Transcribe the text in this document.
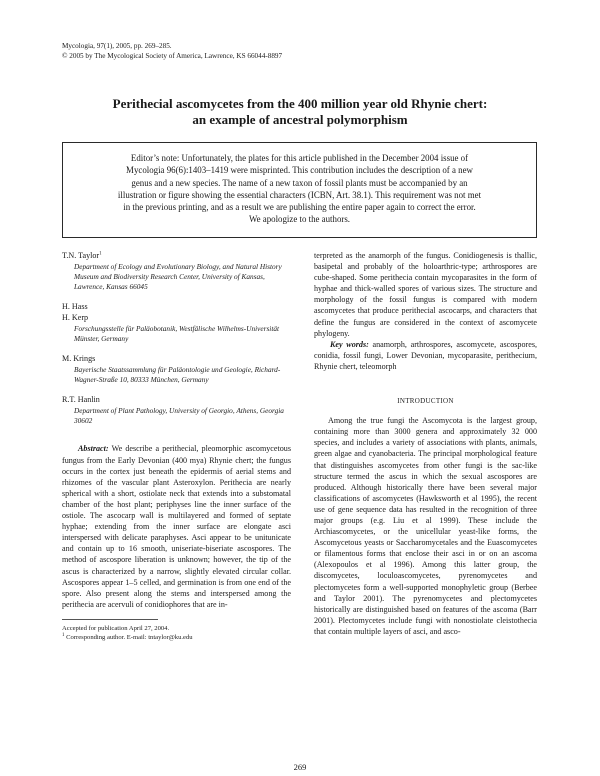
Mycologia, 97(1), 2005, pp. 269–285.
© 2005 by The Mycological Society of America, Lawrence, KS 66044-8897
Perithecial ascomycetes from the 400 million year old Rhynie chert:
an example of ancestral polymorphism
Editor’s note: Unfortunately, the plates for this article published in the December 2004 issue of Mycologia 96(6):1403–1419 were misprinted. This contribution includes the description of a new genus and a new species. The name of a new taxon of fossil plants must be accompanied by an illustration or figure showing the essential characters (ICBN, Art. 38.1). This requirement was not met in the previous printing, and as a result we are publishing the entire paper again to correct the error. We apologize to the authors.
T.N. Taylor$^1$
Department of Ecology and Evolutionary Biology, and Natural History Museum and Biodiversity Research Center, University of Kansas, Lawrence, Kansas 66045
H. Hass
H. Kerp
Forschungsstelle für Paläobotanik, Westfälische Wilhelms-Universität Münster, Germany
M. Krings
Bayerische Staatssammlung für Paläontologie und Geologie, Richard-Wagner-Straße 10, 80333 München, Germany
R.T. Hanlin
Department of Plant Pathology, University of Georgio, Athens, Georgia 30602
Abstract: We describe a perithecial, pleomorphic ascomycetous fungus from the Early Devonian (400 mya) Rhynie chert; the fungus occurs in the cortex just beneath the epidermis of aerial stems and rhizomes of the vascular plant Asteroxylon. Perithecia are nearly spherical with a short, ostiolate neck that extends into a substomatal chamber of the host plant; periphyses line the inner surface of the ostiole. The ascocarp wall is multilayered and formed of septate hyphae; extending from the inner surface are elongate asci interspersed with delicate paraphyses. Asci appear to be unitunicate and contain up to 16 smooth, uniseriate-biseriate ascospores. The method of ascospore liberation is unknown; however, the tip of the ascus is characterized by a narrow, slightly elevated circular collar. Ascospores appear 1–5 celled, and germination is from one end of the spore. Also present along the stems and interspersed among the perithecia are acervuli of conidiophores that are in-
Accepted for publication April 27, 2004.
$^1$ Corresponding author. E-mail: tntaylor@ku.edu

terpreted as the anamorph of the fungus. Conidiogenesis is thallic, basipetal and probably of the holoarthric-type; arthrospores are cube-shaped. Some perithecia contain mycoparasites in the form of hyphae and thick-walled spores of various sizes. The structure and morphology of the fossil fungus is compared with modern ascomycetes that produce perithecial ascocarps, and characters that define the fungus are considered in the context of ascomycete phylogeny.

Key words: anamorph, arthrospores, ascomycete, ascospores, conidia, fossil fungi, Lower Devonian, mycoparasite, perithecium, Rhynie chert, teleomorph

INTRODUCTION

Among the true fungi the Ascomycota is the largest group, containing more than 3000 genera and approximately 32 000 species, and includes a variety of associations with plants, animals, green algae and cyanobacteria. The principal morphological feature that distinguishes ascomycetes from other fungi is the sac-like structure termed the ascus in which the sexual ascospores are produced. Although historically there have been several major classifications of ascomycetes (Hawksworth et al 1995), the recent use of gene sequence data has resulted in the recognition of three major groups (e.g. Liu et al 1999). These include the Archiascomycetes, or the unicellular yeast-like forms, the Ascomycetous yeasts or Saccharomycetales and the Euascomycetes or filamentous forms that enclose their asci in or on an ascoma (Alexopoulos et al 1996). Among this latter group, the discomycetes, loculoascomycetes, pyrenomycetes and plectomycetes form a well-supported monophyletic group (Berbee and Taylor 2001). The pyrenomycetes and plectomycetes historically are distinguished based on features of the ascoma (Barr 2001). Plectomycetes include fungi with nonostiolate cleistothecia that contain multiple layers of asci, and asco-

269
